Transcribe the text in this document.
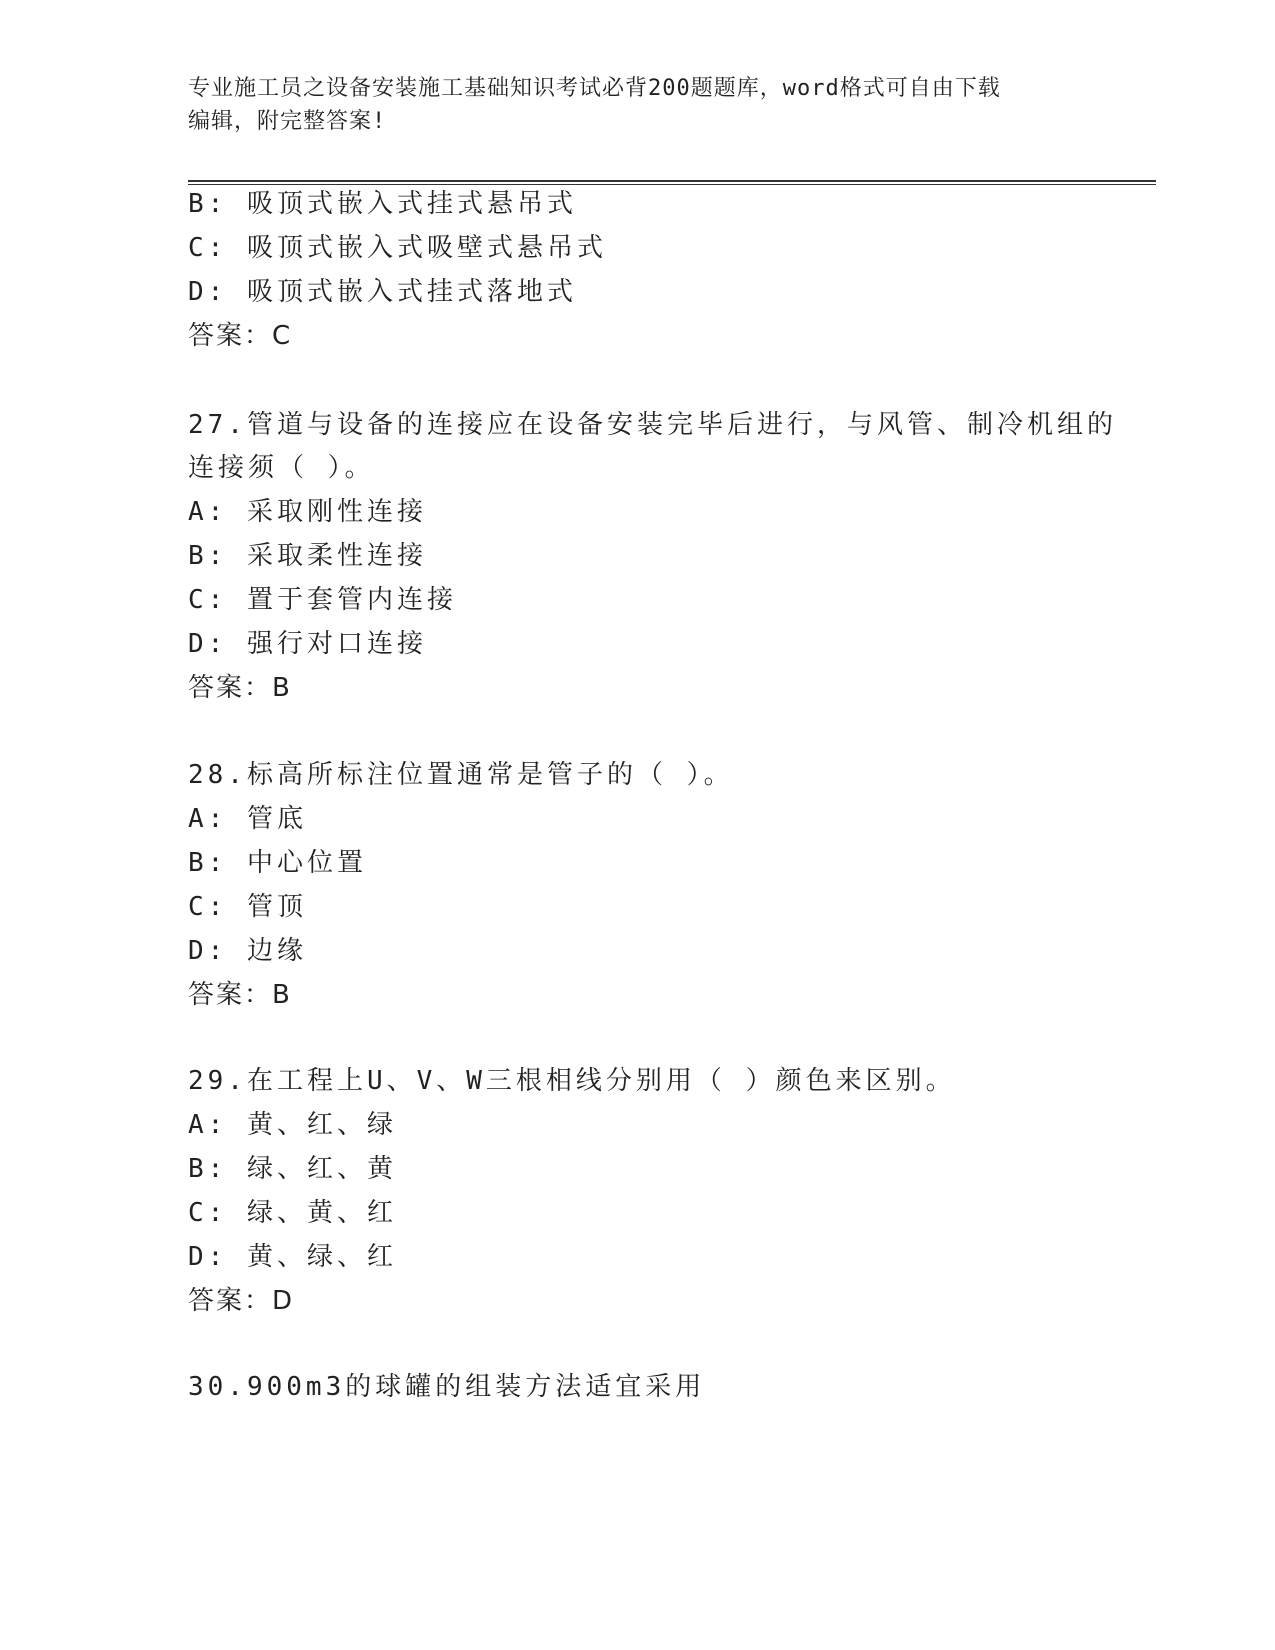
专业施工员之设备安装施工基础知识考试必背200题题库，word格式可自由下载
编辑，附完整答案!
B: 吸顶式嵌入式挂式悬吊式
C: 吸顶式嵌入式吸壁式悬吊式
D: 吸顶式嵌入式挂式落地式
答案：C
27.管道与设备的连接应在设备安装完毕后进行，与风管、制冷机组的
连接须（ ）。
A: 采取刚性连接
B: 采取柔性连接
C: 置于套管内连接
D: 强行对口连接
答案：B
28.标高所标注位置通常是管子的（ ）。
A: 管底
B: 中心位置
C: 管顶
D: 边缘
答案：B
29.在工程上U、V、W三根相线分别用（ ）颜色来区别。
A: 黄、红、绿
B: 绿、红、黄
C: 绿、黄、红
D: 黄、绿、红
答案：D
30.900m3的球罐的组装方法适宜采用
